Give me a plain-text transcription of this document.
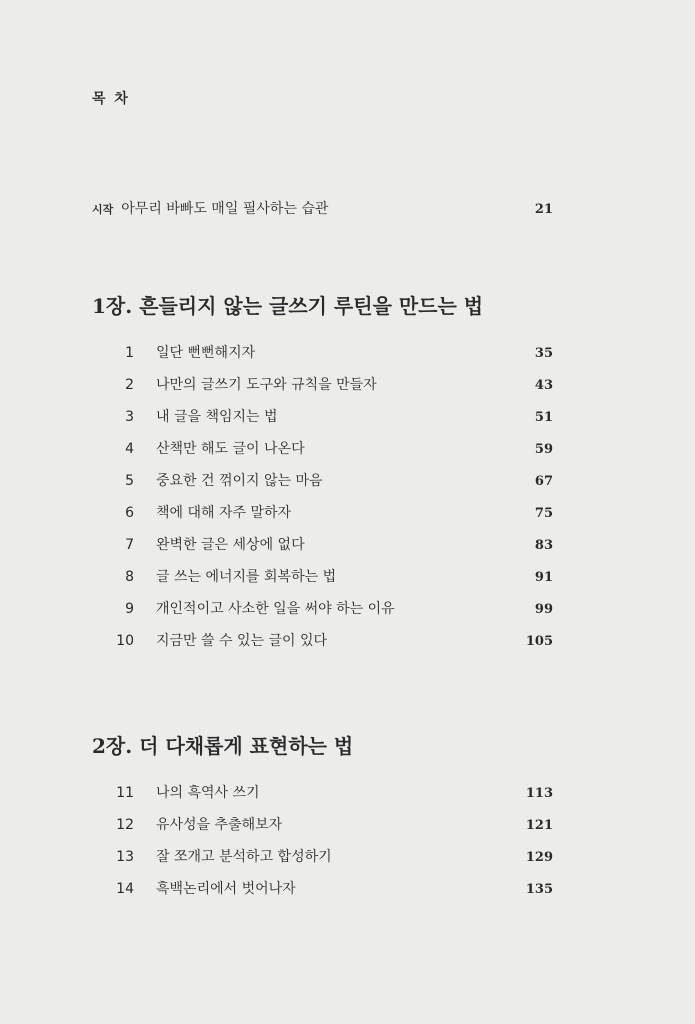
목 차
시작 아무리 바빠도 매일 필사하는 습관	21
1장. 흔들리지 않는 글쓰기 루틴을 만드는 법
1	일단 뻔뻔해지자	35
2	나만의 글쓰기 도구와 규칙을 만들자	43
3	내 글을 책임지는 법	51
4	산책만 해도 글이 나온다	59
5	중요한 건 꺾이지 않는 마음	67
6	책에 대해 자주 말하자	75
7	완벽한 글은 세상에 없다	83
8	글 쓰는 에너지를 회복하는 법	91
9	개인적이고 사소한 일을 써야 하는 이유	99
10	지금만 쓸 수 있는 글이 있다	105
2장. 더 다채롭게 표현하는 법
11	나의 흑역사 쓰기	113
12	유사성을 추출해보자	121
13	잘 쪼개고 분석하고 합성하기	129
14	흑백논리에서 벗어나자	135
